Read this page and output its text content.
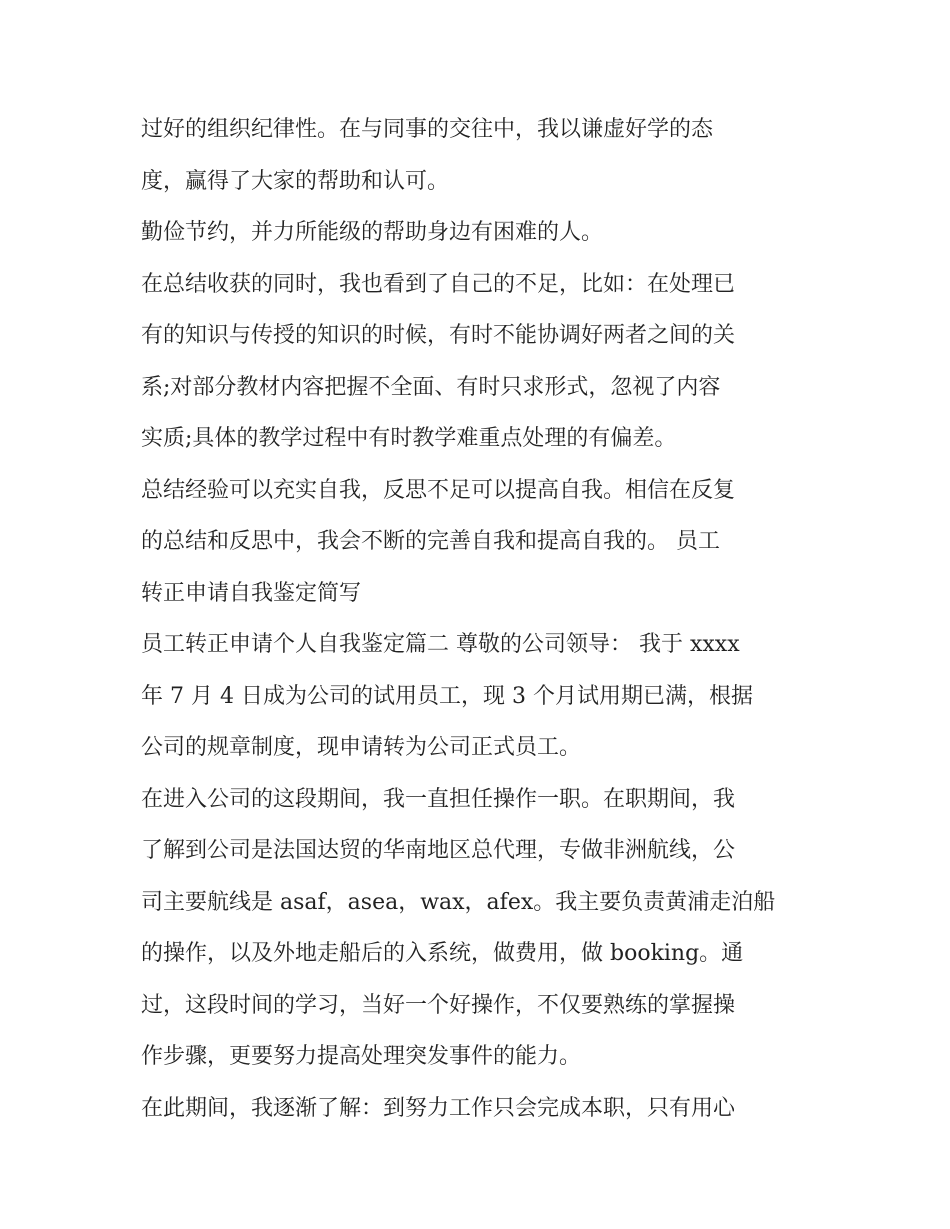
过好的组织纪律性。在与同事的交往中，我以谦虚好学的态
度，赢得了大家的帮助和认可。
勤俭节约，并力所能级的帮助身边有困难的人。
在总结收获的同时，我也看到了自己的不足，比如：在处理已
有的知识与传授的知识的时候，有时不能协调好两者之间的关
系;对部分教材内容把握不全面、有时只求形式，忽视了内容
实质;具体的教学过程中有时教学难重点处理的有偏差。
总结经验可以充实自我，反思不足可以提高自我。相信在反复
的总结和反思中，我会不断的完善自我和提高自我的。 员工
转正申请自我鉴定简写
员工转正申请个人自我鉴定篇二 尊敬的公司领导： 我于 xxxx
年 7 月 4 日成为公司的试用员工，现 3 个月试用期已满，根据
公司的规章制度，现申请转为公司正式员工。
在进入公司的这段期间，我一直担任操作一职。在职期间，我
了解到公司是法国达贸的华南地区总代理，专做非洲航线，公
司主要航线是 asaf，asea，wax，afex。我主要负责黄浦走泊船
的操作，以及外地走船后的入系统，做费用，做 booking。通
过，这段时间的学习，当好一个好操作，不仅要熟练的掌握操
作步骤，更要努力提高处理突发事件的能力。
在此期间，我逐渐了解：到努力工作只会完成本职，只有用心
